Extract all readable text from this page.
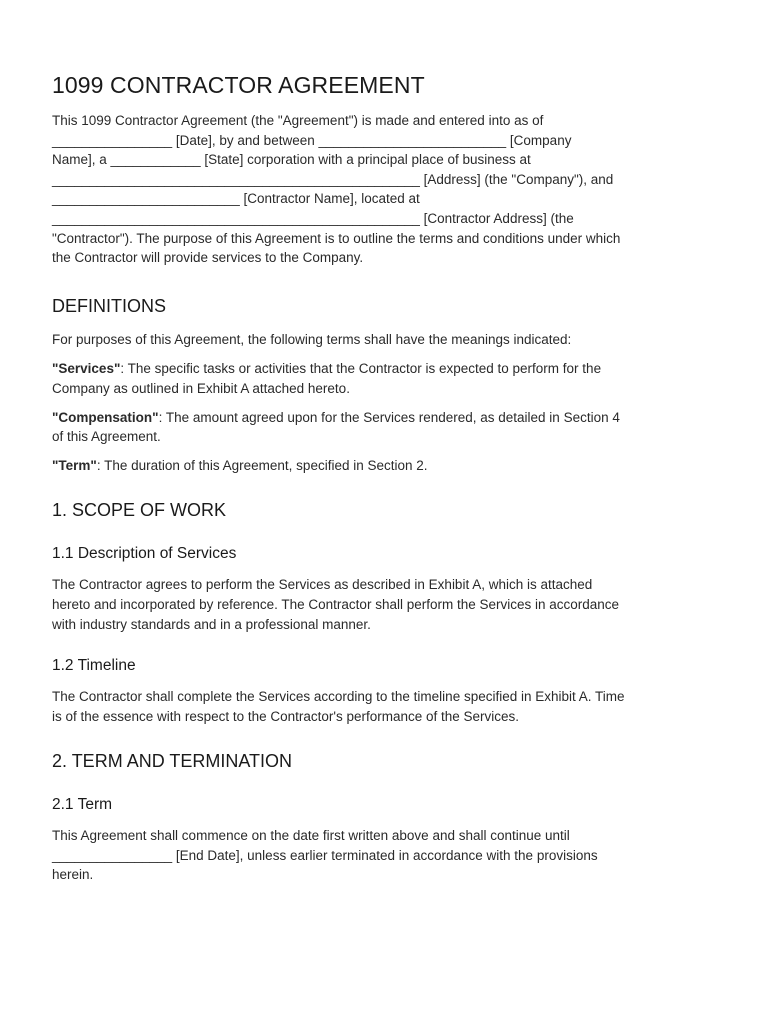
1099 CONTRACTOR AGREEMENT

This 1099 Contractor Agreement (the "Agreement") is made and entered into as of
________________ [Date], by and between _________________________ [Company
Name], a ____________ [State] corporation with a principal place of business at
_________________________________________________ [Address] (the "Company"), and
_________________________ [Contractor Name], located at
_________________________________________________ [Contractor Address] (the
"Contractor"). The purpose of this Agreement is to outline the terms and conditions under which
the Contractor will provide services to the Company.

DEFINITIONS

For purposes of this Agreement, the following terms shall have the meanings indicated:

"Services": The specific tasks or activities that the Contractor is expected to perform for the
Company as outlined in Exhibit A attached hereto.

"Compensation": The amount agreed upon for the Services rendered, as detailed in Section 4
of this Agreement.

"Term": The duration of this Agreement, specified in Section 2.

1. SCOPE OF WORK
1.1 Description of Services

The Contractor agrees to perform the Services as described in Exhibit A, which is attached
hereto and incorporated by reference. The Contractor shall perform the Services in accordance
with industry standards and in a professional manner.

1.2 Timeline

The Contractor shall complete the Services according to the timeline specified in Exhibit A. Time
is of the essence with respect to the Contractor's performance of the Services.

2. TERM AND TERMINATION
2.1 Term

This Agreement shall commence on the date first written above and shall continue until
________________ [End Date], unless earlier terminated in accordance with the provisions
herein.
